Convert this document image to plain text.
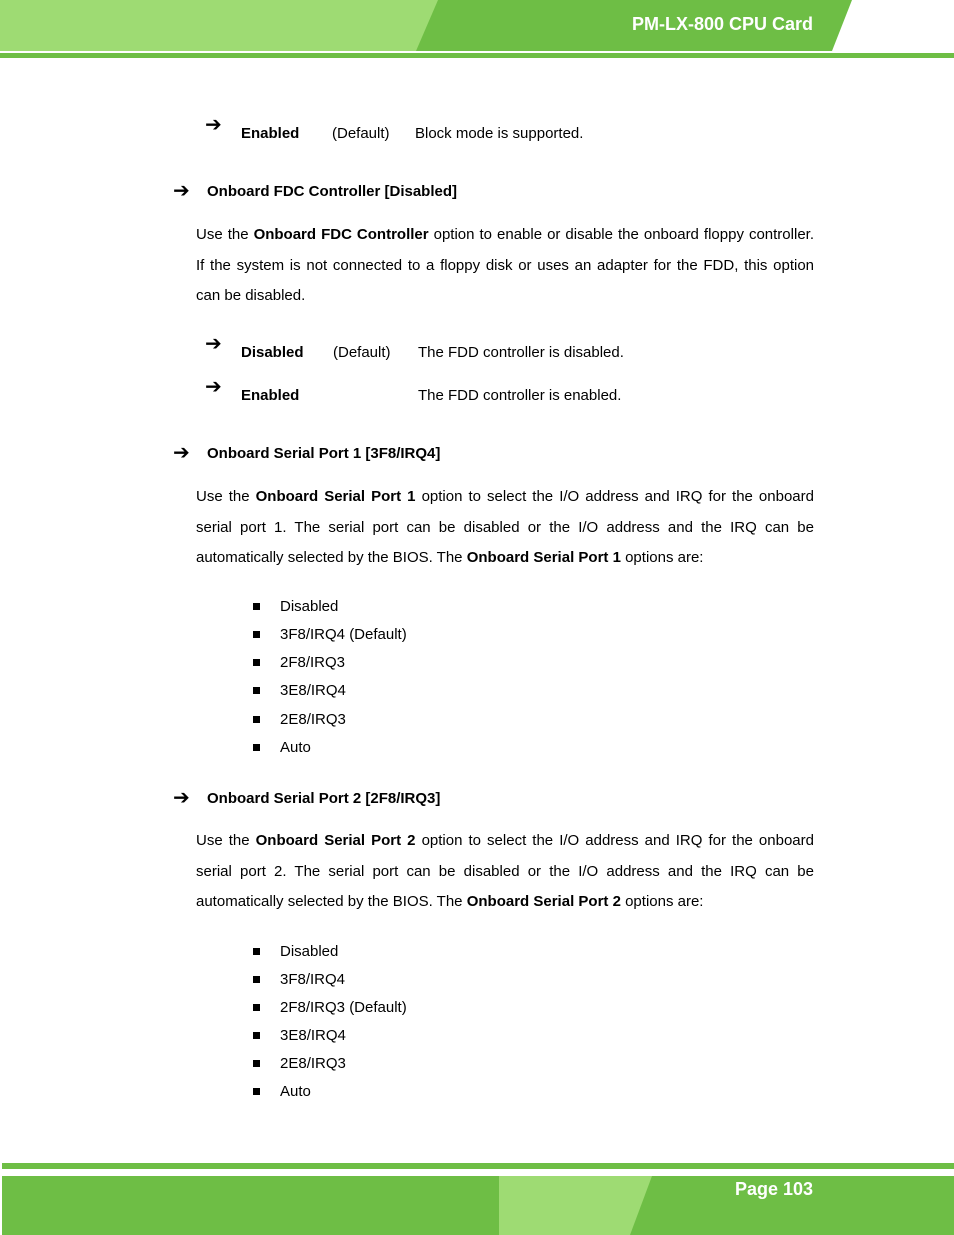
PM-LX-800 CPU Card
➔ Enabled (Default) Block mode is supported.
➔ Onboard FDC Controller [Disabled]

Use the Onboard FDC Controller option to enable or disable the onboard floppy controller. If the system is not connected to a floppy disk or uses an adapter for the FDD, this option can be disabled.

➔ Disabled (Default) The FDD controller is disabled.
➔ Enabled	The FDD controller is enabled.
➔ Onboard Serial Port 1 [3F8/IRQ4]

Use the Onboard Serial Port 1 option to select the I/O address and IRQ for the onboard serial port 1. The serial port can be disabled or the I/O address and the IRQ can be automatically selected by the BIOS. The Onboard Serial Port 1 options are:

Disabled
3F8/IRQ4 (Default)
2F8/IRQ3
3E8/IRQ4
2E8/IRQ3
Auto
➔ Onboard Serial Port 2 [2F8/IRQ3]

Use the Onboard Serial Port 2 option to select the I/O address and IRQ for the onboard serial port 2. The serial port can be disabled or the I/O address and the IRQ can be automatically selected by the BIOS. The Onboard Serial Port 2 options are:

Disabled
3F8/IRQ4
2F8/IRQ3 (Default)
3E8/IRQ4
2E8/IRQ3
Auto
Page 103
